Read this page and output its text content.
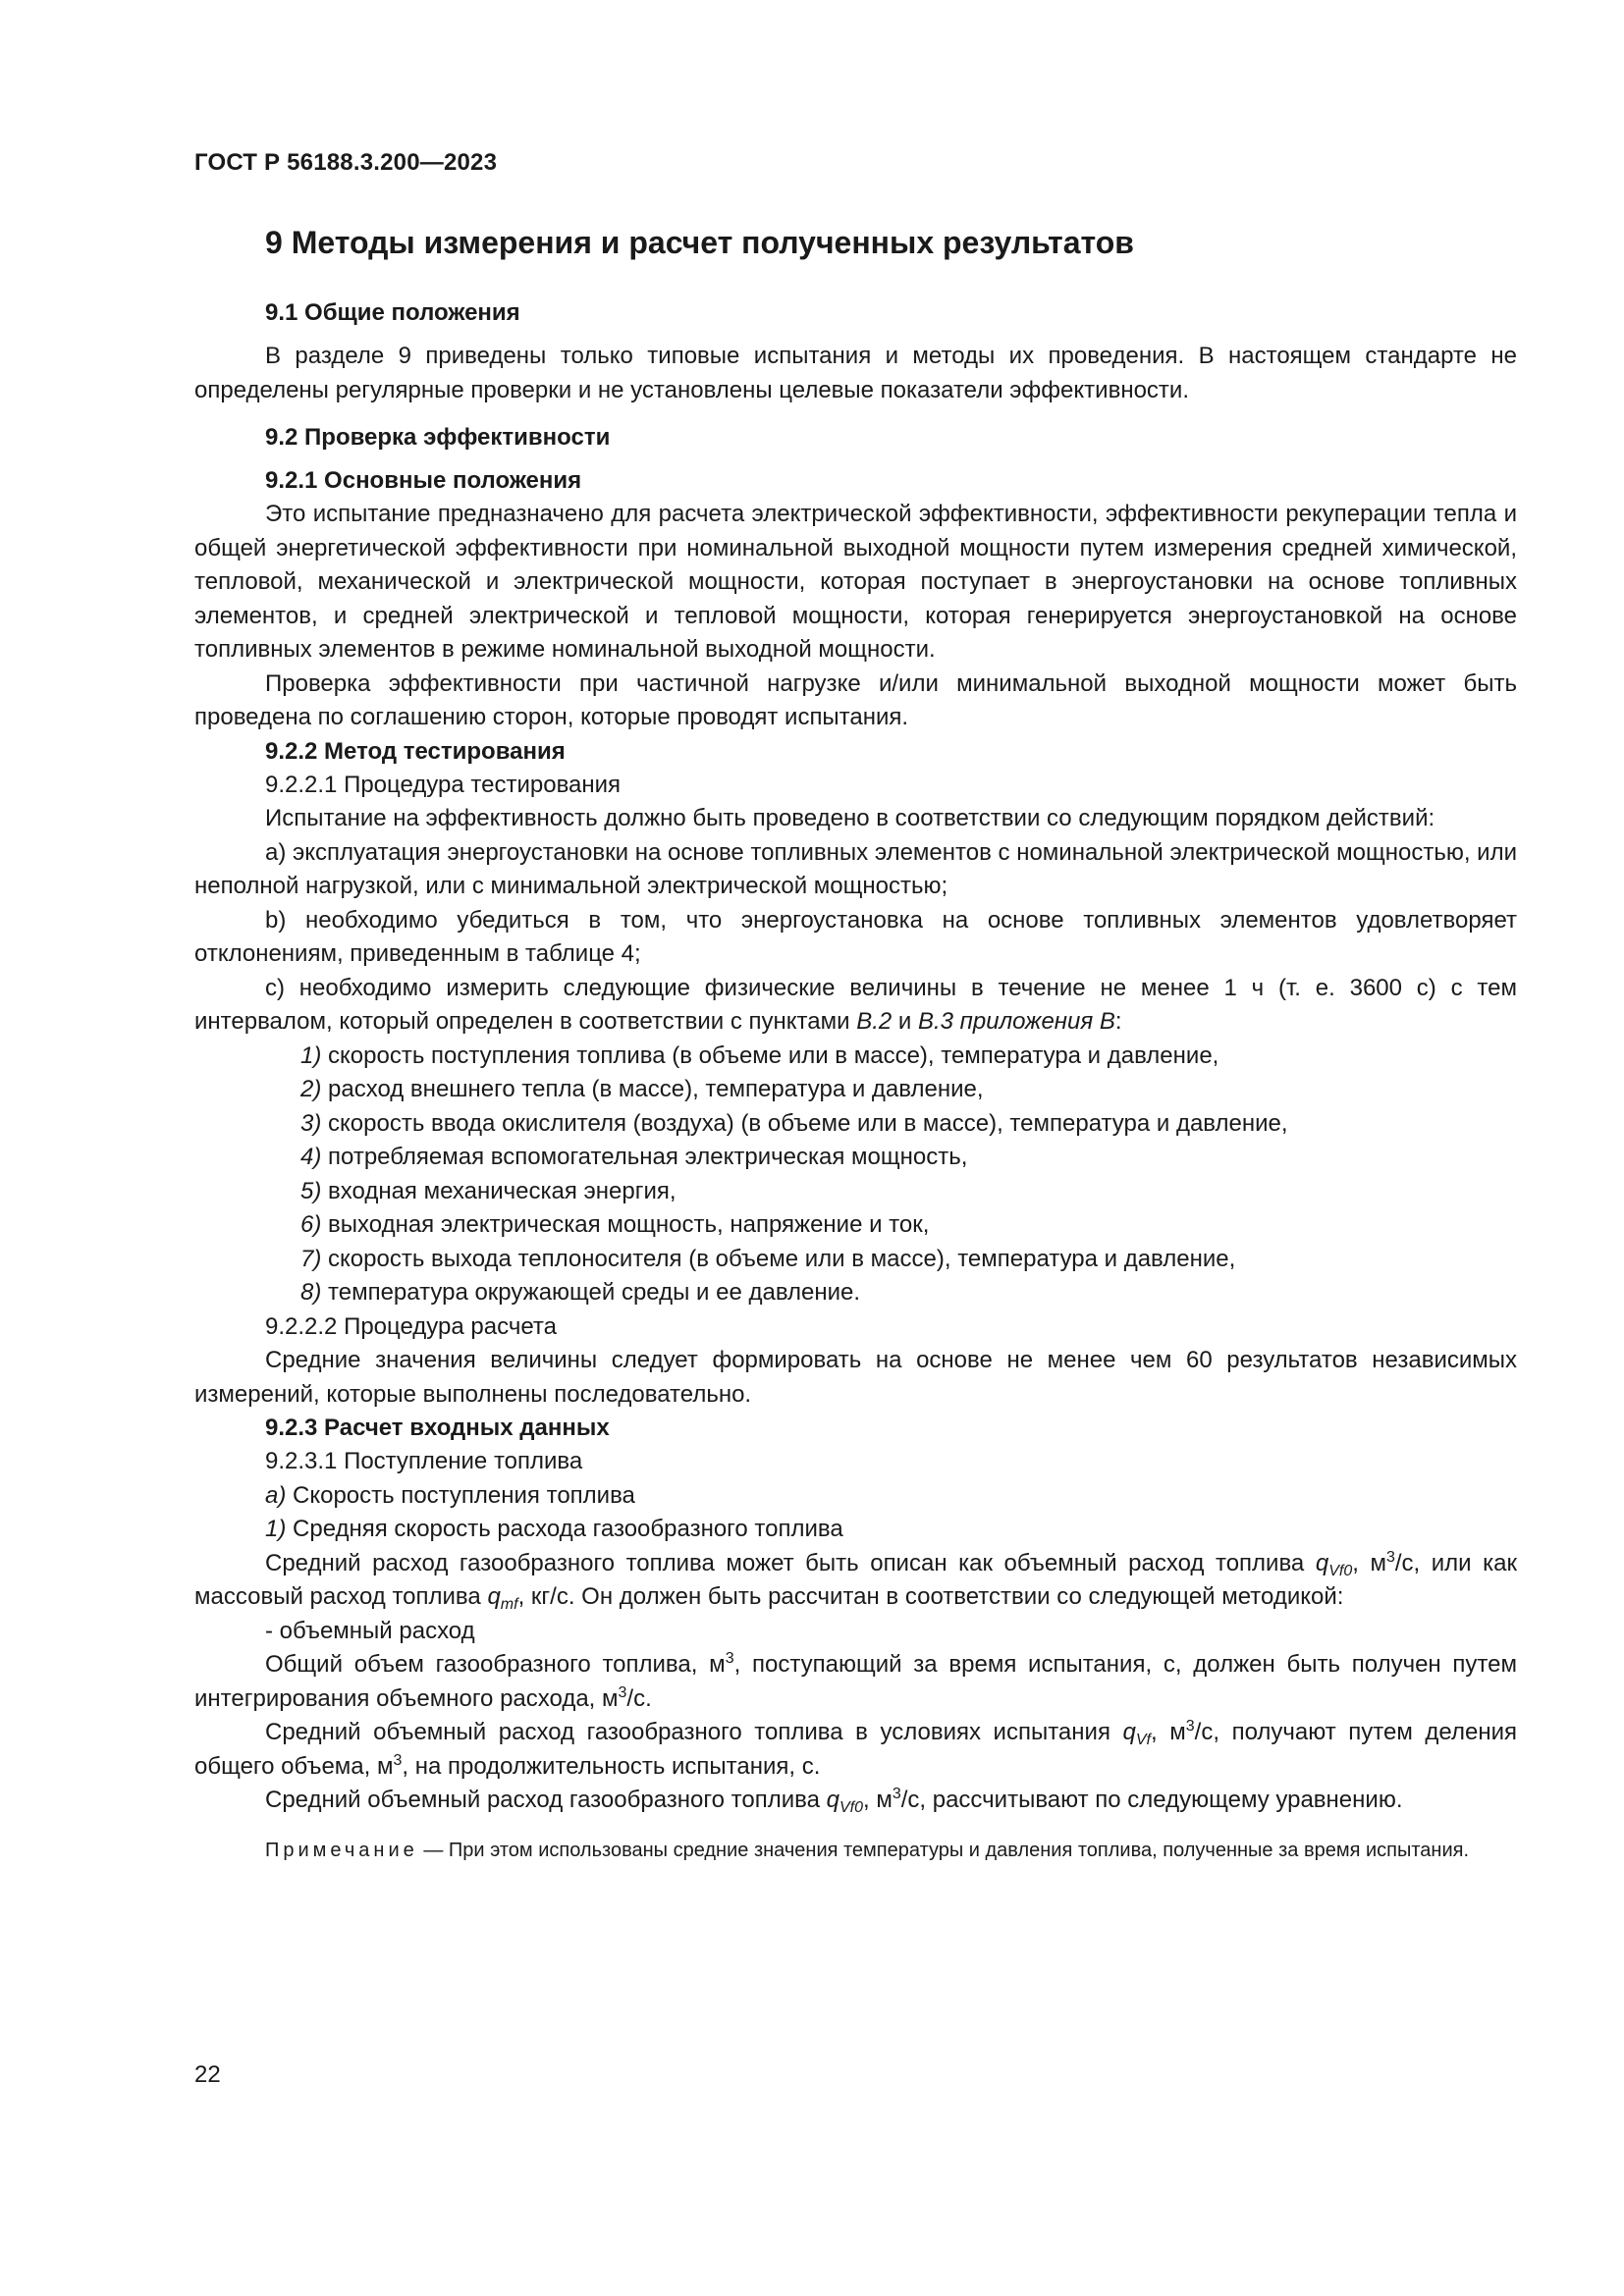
ГОСТ Р 56188.3.200—2023
9 Методы измерения и расчет полученных результатов
9.1 Общие положения

В разделе 9 приведены только типовые испытания и методы их проведения. В настоящем стандарте не определены регулярные проверки и не установлены целевые показатели эффективности.

9.2 Проверка эффективности
9.2.1 Основные положения

Это испытание предназначено для расчета электрической эффективности, эффективности рекуперации тепла и общей энергетической эффективности при номинальной выходной мощности путем измерения средней химической, тепловой, механической и электрической мощности, которая поступает в энергоустановки на основе топливных элементов, и средней электрической и тепловой мощности, которая генерируется энергоустановкой на основе топливных элементов в режиме номинальной выходной мощности.

Проверка эффективности при частичной нагрузке и/или минимальной выходной мощности может быть проведена по соглашению сторон, которые проводят испытания.

9.2.2 Метод тестирования
9.2.2.1 Процедура тестирования

Испытание на эффективность должно быть проведено в соответствии со следующим порядком действий:

a) эксплуатация энергоустановки на основе топливных элементов с номинальной электрической мощностью, или неполной нагрузкой, или с минимальной электрической мощностью;

b) необходимо убедиться в том, что энергоустановка на основе топливных элементов удовлетворяет отклонениям, приведенным в таблице 4;

c) необходимо измерить следующие физические величины в течение не менее 1 ч (т. е. 3600 с) с тем интервалом, который определен в соответствии с пунктами B.2 и B.3 приложения B:

1) скорость поступления топлива (в объеме или в массе), температура и давление,
2) расход внешнего тепла (в массе), температура и давление,
3) скорость ввода окислителя (воздуха) (в объеме или в массе), температура и давление,
4) потребляемая вспомогательная электрическая мощность,
5) входная механическая энергия,
6) выходная электрическая мощность, напряжение и ток,
7) скорость выхода теплоносителя (в объеме или в массе), температура и давление,
8) температура окружающей среды и ее давление.
9.2.2.2 Процедура расчета

Средние значения величины следует формировать на основе не менее чем 60 результатов независимых измерений, которые выполнены последовательно.

9.2.3 Расчет входных данных
9.2.3.1 Поступление топлива
a) Скорость поступления топлива
1) Средняя скорость расхода газообразного топлива

Средний расход газообразного топлива может быть описан как объемный расход топлива $q_{Vf0}$, $м^3/с$, или как массовый расход топлива $q_{mf}$, кг/с. Он должен быть рассчитан в соответствии со следующей методикой:

- объемный расход

Общий объем газообразного топлива, $м^3$, поступающий за время испытания, с, должен быть получен путем интегрирования объемного расхода, $м^3/с$.

Средний объемный расход газообразного топлива в условиях испытания $q_{Vf}$, $м^3/с$, получают путем деления общего объема, $м^3$, на продолжительность испытания, с.

Средний объемный расход газообразного топлива $q_{Vf0}$, $м^3/с$, рассчитывают по следующему уравнению.

Примечание — При этом использованы средние значения температуры и давления топлива, полученные за время испытания.

22
